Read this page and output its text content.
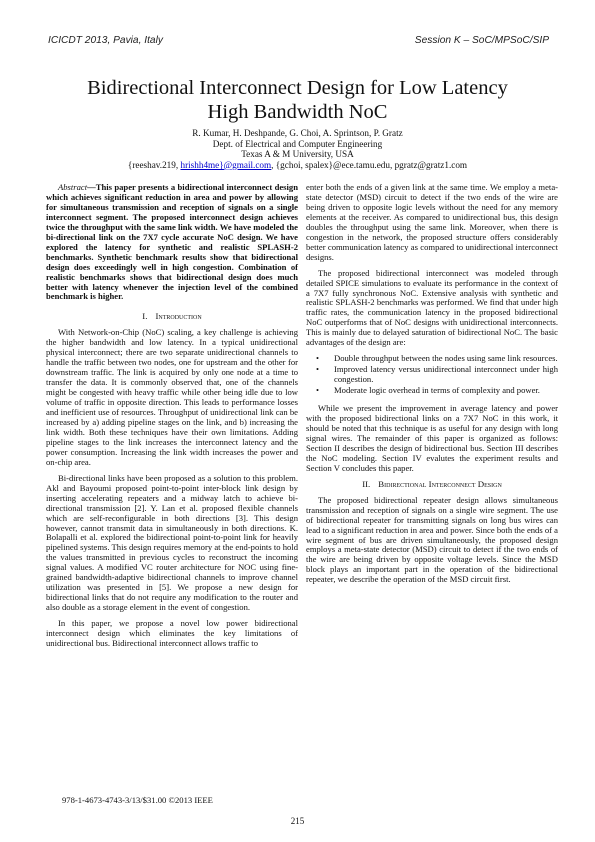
ICICDT 2013, Pavia, Italy	Session K – SoC/MPSoC/SIP
Bidirectional Interconnect Design for Low Latency
High Bandwidth NoC
R. Kumar, H. Deshpande, G. Choi, A. Sprintson, P. Gratz
Dept. of Electrical and Computer Engineering
Texas A & M University, USA
{reeshav.219, hrishh4me}@gmail.com, {gchoi, spalex}@ece.tamu.edu, pgratz@gratz1.com

Abstract—This paper presents a bidirectional interconnect design which achieves significant reduction in area and power by allowing for simultaneous transmission and reception of signals on a single interconnect segment. The proposed interconnect design achieves twice the throughput with the same link width. We have modeled the bi-directional link on the 7X7 cycle accurate NoC design. We have explored the latency for synthetic and realistic SPLASH-2 benchmarks. Synthetic benchmark results show that bidirectional design does exceedingly well in high congestion. Combination of realistic benchmarks shows that bidirectional design does much better with latency whenever the injection level of the combined benchmark is higher.

I. Introduction

With Network-on-Chip (NoC) scaling, a key challenge is achieving the higher bandwidth and low latency. In a typical unidirectional physical interconnect; there are two separate unidirectional channels to handle the traffic between two nodes, one for upstream and the other for downstream traffic. The link is acquired by only one node at a time to transfer the data. It is commonly observed that, one of the channels might be congested with heavy traffic while other being idle due to low volume of traffic in opposite direction. This leads to performance losses and inefficient use of resources. Throughput of unidirectional link can be increased by a) adding pipeline stages on the link, and b) increasing the link width. Both these techniques have their own limitations. Adding pipeline stages to the link increases the interconnect latency and the power consumption. Increasing the link width increases the power and on-chip area.

Bi-directional links have been proposed as a solution to this problem. Akl and Bayoumi proposed point-to-point inter-block link design by inserting accelerating repeaters and a midway latch to achieve bi-directional transmission [2]. Y. Lan et al. proposed flexible channels which are self-reconfigurable in both directions [3]. This design however, cannot transmit data in simultaneously in both directions. K. Bolapalli et al. explored the bidirectional point-to-point link for heavily pipelined systems. This design requires memory at the end-points to hold the values transmitted in previous cycles to reconstruct the incoming signal values. A modified VC router architecture for NOC using fine-grained bandwidth-adaptive bidirectional channels to improve channel utilization was presented in [5]. We propose a new design for bidirectional links that do not require any modification to the router and also double as a storage element in the event of congestion.

In this paper, we propose a novel low power bidirectional interconnect design which eliminates the key limitations of unidirectional bus. Bidirectional interconnect allows traffic to

enter both the ends of a given link at the same time. We employ a meta-state detector (MSD) circuit to detect if the two ends of the wire are being driven to opposite logic levels without the need for any memory elements at the receiver. As compared to unidirectional bus, this design doubles the throughput using the same link. Moreover, when there is congestion in the network, the proposed structure offers considerably better communication latency as compared to unidirectional interconnect designs.

The proposed bidirectional interconnect was modeled through detailed SPICE simulations to evaluate its performance in the context of a 7X7 fully synchronous NoC. Extensive analysis with synthetic and realistic SPLASH-2 benchmarks was performed. We find that under high traffic rates, the communication latency in the proposed bidirectional NoC outperforms that of NoC designs with unidirectional interconnects. This is mainly due to delayed saturation of bidirectional NoC. The basic advantages of the design are:

• Double throughput between the nodes using same link resources.
• Improved latency versus unidirectional interconnect under high congestion.
• Moderate logic overhead in terms of complexity and power.

While we present the improvement in average latency and power with the proposed bidirectional links on a 7X7 NoC in this work, it should be noted that this technique is as useful for any design with long signal wires. The remainder of this paper is organized as follows: Section II describes the design of bidirectional bus. Section III describes the NoC modeling. Section IV evalutes the experiment results and Section V concludes this paper.

II. Bidirectional Interconnect Design

The proposed bidirectional repeater design allows simultaneous transmission and reception of signals on a single wire segment. The use of bidirectional repeater for transmitting signals on long bus wires can lead to a significant reduction in area and power. Since both the ends of a wire segment of bus are driven simultaneously, the proposed design employs a meta-state detector (MSD) circuit to detect if the two ends of the wire are being driven by opposite voltage levels. Since the MSD block plays an important part in the operation of the bidirectional repeater, we describe the operation of the MSD circuit first.

978-1-4673-4743-3/13/$31.00 ©2013 IEEE
215
